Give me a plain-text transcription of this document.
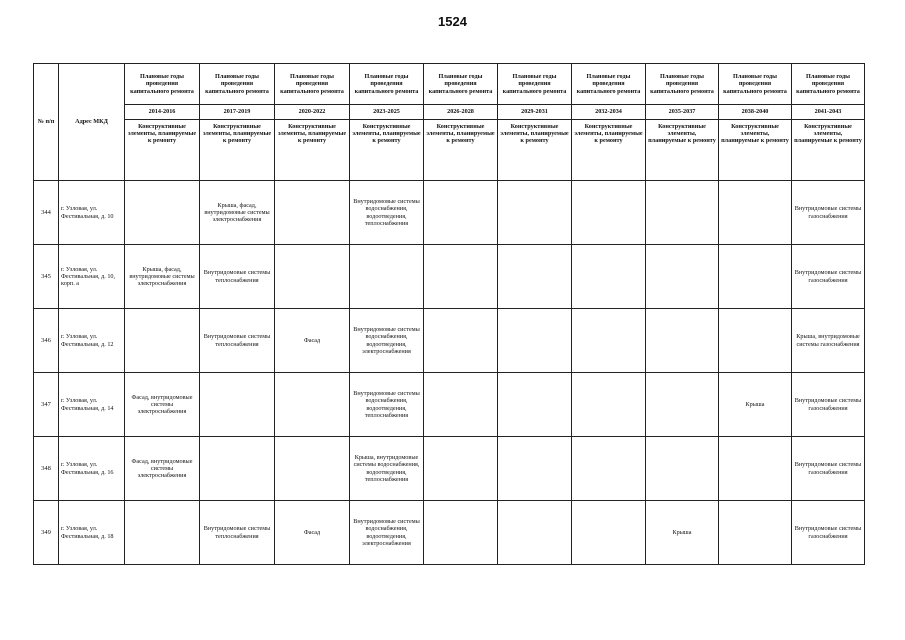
1524
№ п/п	Адрес МКД	Плановые годы проведения капитального ремонта	Плановые годы проведения капитального ремонта	Плановые годы проведения капитального ремонта	Плановые годы проведения капитального ремонта	Плановые годы проведения капитального ремонта	Плановые годы проведения капитального ремонта	Плановые годы проведения капитального ремонта	Плановые годы проведения капитального ремонта	Плановые годы проведения капитального ремонта	Плановые годы проведения капитального ремонта
		2014-2016	2017-2019	2020-2022	2023-2025	2026-2028	2029-2031	2032-2034	2035-2037	2038-2040	2041-2043
		Конструктивные элементы, планируемые к ремонту	Конструктивные элементы, планируемые к ремонту	Конструктивные элементы, планируемые к ремонту	Конструктивные элементы, планируемые к ремонту	Конструктивные элементы, планируемые к ремонту	Конструктивные элементы, планируемые к ремонту	Конструктивные элементы, планируемые к ремонту	Конструктивные элементы, планируемые к ремонту	Конструктивные элементы, планируемые к ремонту	Конструктивные элементы, планируемые к ремонту
344	г. Узловая, ул. Фестивальная, д. 10		Крыша, фасад, внутридомовые системы электроснабжения		Внутридомовые системы водоснабжения, водоотведения, теплоснабжения						Внутридомовые системы газоснабжения
345	г. Узловая, ул. Фестивальная, д. 10, корп. а	Крыша, фасад, внутридомовые системы электроснабжения	Внутридомовые системы теплоснабжения								Внутридомовые системы газоснабжения
346	г. Узловая, ул. Фестивальная, д. 12		Внутридомовые системы теплоснабжения	Фасад	Внутридомовые системы водоснабжения, водоотведения, электроснабжения						Крыша, внутридомовые системы газоснабжения
347	г. Узловая, ул. Фестивальная, д. 14	Фасад, внутридомовые системы электроснабжения			Внутридомовые системы водоснабжения, водоотведения, теплоснабжения					Крыша	Внутридомовые системы газоснабжения
348	г. Узловая, ул. Фестивальная, д. 16	Фасад, внутридомовые системы электроснабжения			Крыша, внутридомовые системы водоснабжения, водоотведения, теплоснабжения						Внутридомовые системы газоснабжения
349	г. Узловая, ул. Фестивальная, д. 18		Внутридомовые системы теплоснабжения	Фасад	Внутридомовые системы водоснабжения, водоотведения, электроснабжения				Крыша		Внутридомовые системы газоснабжения
